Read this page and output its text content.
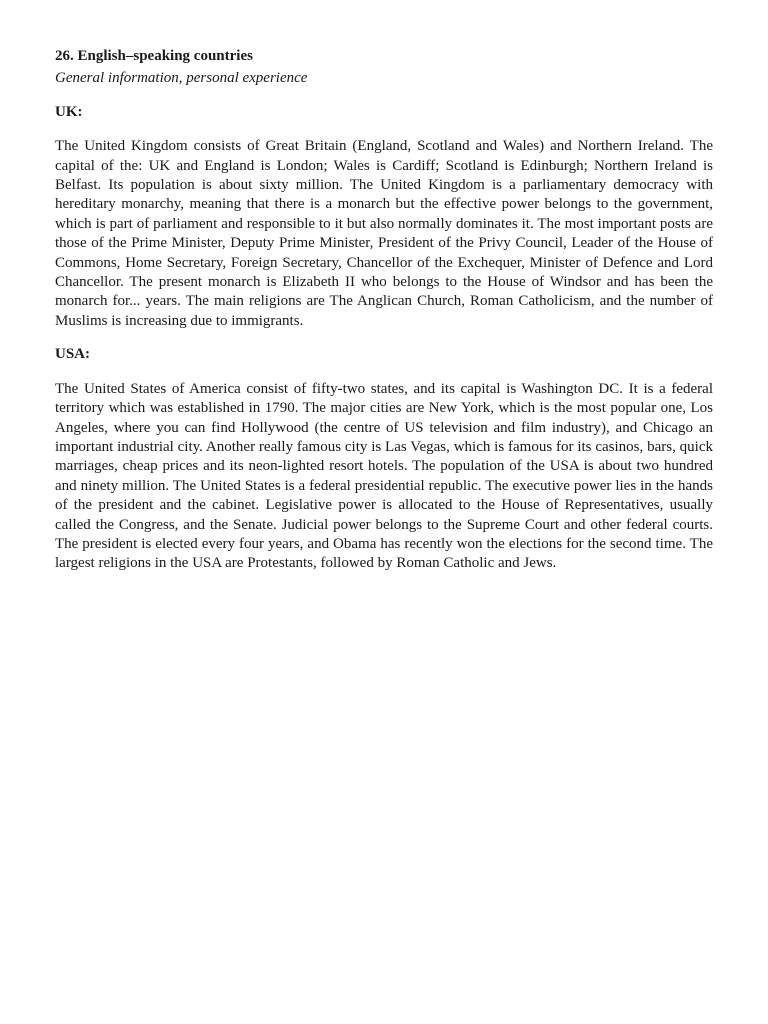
26. English–speaking countries

General information, personal experience

UK:

The United Kingdom consists of Great Britain (England, Scotland and Wales) and Northern Ireland. The capital of the: UK and England is London; Wales is Cardiff; Scotland is Edinburgh; Northern Ireland is Belfast. Its population is about sixty million. The United Kingdom is a parliamentary democracy with hereditary monarchy, meaning that there is a monarch but the effective power belongs to the government, which is part of parliament and responsible to it but also normally dominates it. The most important posts are those of the Prime Minister, Deputy Prime Minister, President of the Privy Council, Leader of the House of Commons, Home Secretary, Foreign Secretary, Chancellor of the Exchequer, Minister of Defence and Lord Chancellor. The present monarch is Elizabeth II who belongs to the House of Windsor and has been the monarch for... years. The main religions are The Anglican Church, Roman Catholicism, and the number of Muslims is increasing due to immigrants.

USA:

The United States of America consist of fifty-two states, and its capital is Washington DC. It is a federal territory which was established in 1790. The major cities are New York, which is the most popular one, Los Angeles, where you can find Hollywood (the centre of US television and film industry), and Chicago an important industrial city. Another really famous city is Las Vegas, which is famous for its casinos, bars, quick marriages, cheap prices and its neon-lighted resort hotels. The population of the USA is about two hundred and ninety million. The United States is a federal presidential republic. The executive power lies in the hands of the president and the cabinet. Legislative power is allocated to the House of Representatives, usually called the Congress, and the Senate. Judicial power belongs to the Supreme Court and other federal courts. The president is elected every four years, and Obama has recently won the elections for the second time. The largest religions in the USA are Protestants, followed by Roman Catholic and Jews.
